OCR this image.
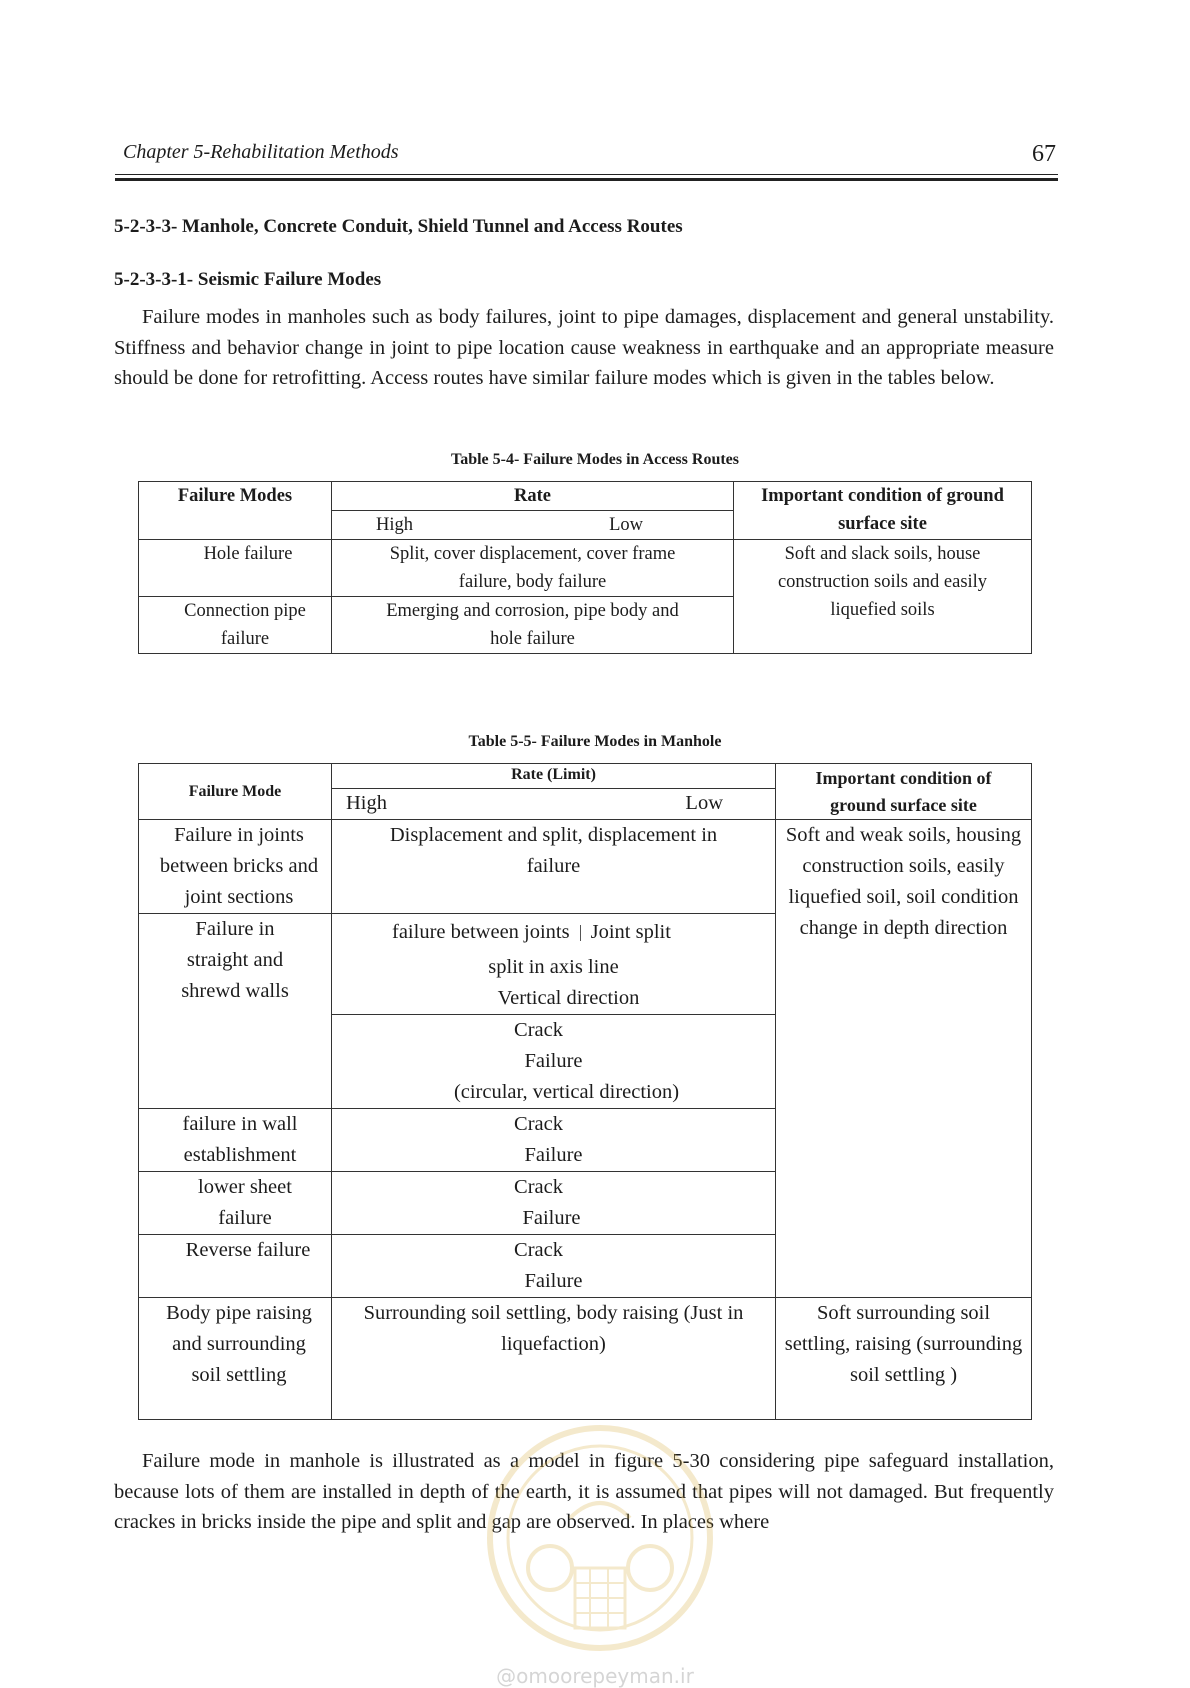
Chapter 5-Rehabilitation Methods	67
5-2-3-3- Manhole, Concrete Conduit, Shield Tunnel and Access Routes
5-2-3-3-1- Seismic Failure Modes

Failure modes in manholes such as body failures, joint to pipe damages, displacement and general unstability. Stiffness and behavior change in joint to pipe location cause weakness in earthquake and an appropriate measure should be done for retrofitting. Access routes have similar failure modes which is given in the tables below.

Table 5-4- Failure Modes in Access Routes
Failure Modes	Rate	Important condition of ground surface site

	High Low	

Hole failure	Split, cover displacement, cover frame failure, body failure	Soft and slack soils, house construction soils and easily liquefied soils
Connection pipe failure	Emerging and corrosion, pipe body and hole failure	
Table 5-5- Failure Modes in Manhole
Failure Mode	Rate (Limit)	Important condition of ground surface site

	High Low	

Failure in joints between bricks and joint sections	Displacement and split, displacement in failure	Soft and weak soils, housing construction soils, easily liquefied soil, soil condition change in depth direction
Failure in straight and shrewd walls	failure between joints Joint split
split in axis line
Vertical direction	

	Crack
Failure
(circular, vertical direction)	

failure in wall establishment	Crack
Failure	

lower sheet failure	Crack
Failure	

Reverse failure	Crack
Failure	

Body pipe raising and surrounding soil settling	Surrounding soil settling, body raising (Just in liquefaction)	Soft surrounding soil settling, raising (surrounding soil settling )

Failure mode in manhole is illustrated as a model in figure 5-30 considering pipe safeguard installation, because lots of them are installed in depth of the earth, it is assumed that pipes will not damaged. But frequently crackes in bricks inside the pipe and split and gap are observed. In places where

@omoorepeyman.ir
